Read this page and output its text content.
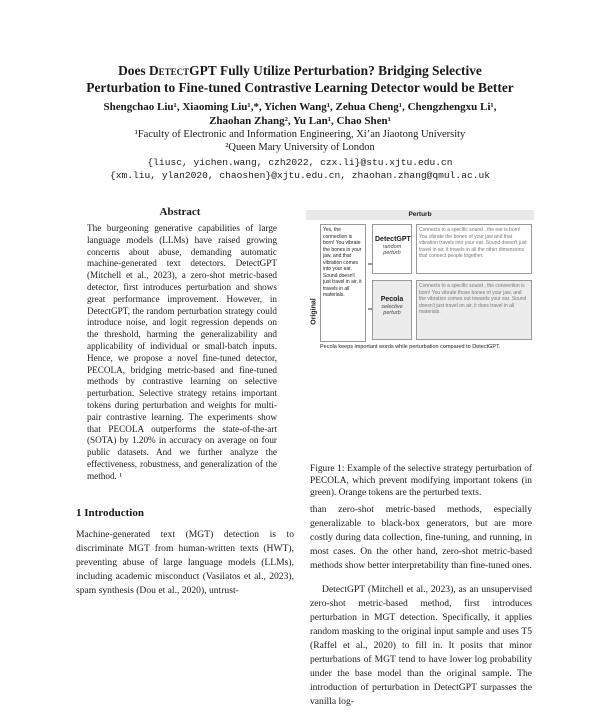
Does DetectGPT Fully Utilize Perturbation? Bridging Selective
Perturbation to Fine-tuned Contrastive Learning Detector would be Better
Shengchao Liu¹, Xiaoming Liu¹,*, Yichen Wang¹, Zehua Cheng¹, Chengzhengxu Li¹,
Zhaohan Zhang², Yu Lan¹, Chao Shen¹
¹Faculty of Electronic and Information Engineering, Xi’an Jiaotong University
²Queen Mary University of London
{liusc, yichen.wang, czh2022, czx.li}@stu.xjtu.edu.cn
{xm.liu, ylan2020, chaoshen}@xjtu.edu.cn, zhaohan.zhang@qmul.ac.uk
Abstract
The burgeoning generative capabilities of large language models (LLMs) have raised growing concerns about abuse, demanding automatic machine-generated text detectors. DetectGPT (Mitchell et al., 2023), a zero-shot metric-based detector, first introduces perturbation and shows great performance improvement. However, in DetectGPT, the random perturbation strategy could introduce noise, and logit regression depends on the threshold, harming the generalizability and applicability of individual or small-batch inputs. Hence, we propose a novel fine-tuned detector, PECOLA, bridging metric-based and fine-tuned methods by contrastive learning on selective perturbation. Selective strategy retains important tokens during perturbation and weights for multi-pair contrastive learning. The experiments show that PECOLA outperforms the state-of-the-art (SOTA) by 1.20% in accuracy on average on four public datasets. And we further analyze the effectiveness, robustness, and generalization of the method. ¹
1 Introduction
Machine-generated text (MGT) detection is to discriminate MGT from human-written texts (HWT), preventing abuse of large language models (LLMs), including academic misconduct (Vasilatos et al., 2023), spam synthesis (Dou et al., 2020), untrust-
Perturb
Original
Yes, the connection is born! You vibrate the bones in your jaw, and that vibration comes into your ear. Sound doesn't just travel in air, it travels in all materials.
DetectGPT
random perturb
Connects to a specific sound , the ear is born! You vibrate the bones of your jaw and that vibration travels into your ear. Sound doesn't just travel in air, it travels in all the other dimensions that connect people together.
Pecola
selective perturb
Connects to a specific sound , the connection is born! You vibrate those bones of your jaw, and the vibration comes out towards your ear. Sound doesn't just travel on air, it does travel in all materials.
Pecola keeps important words while perturbation compared to DetectGPT.
Figure 1: Example of the selective strategy perturbation of PECOLA, which prevent modifying important tokens (in green). Orange tokens are the perturbed texts.

than zero-shot metric-based methods, especially generalizable to black-box generators, but are more costly during data collection, fine-tuning, and running, in most cases. On the other hand, zero-shot metric-based methods show better interpretability than fine-tuned ones.

DetectGPT (Mitchell et al., 2023), as an unsupervised zero-shot metric-based method, first introduces perturbation in MGT detection. Specifically, it applies random masking to the original input sample and uses T5 (Raffel et al., 2020) to fill in. It posits that minor perturbations of MGT tend to have lower log probability under the base model than the original sample. The introduction of perturbation in DetectGPT surpasses the vanilla log-
